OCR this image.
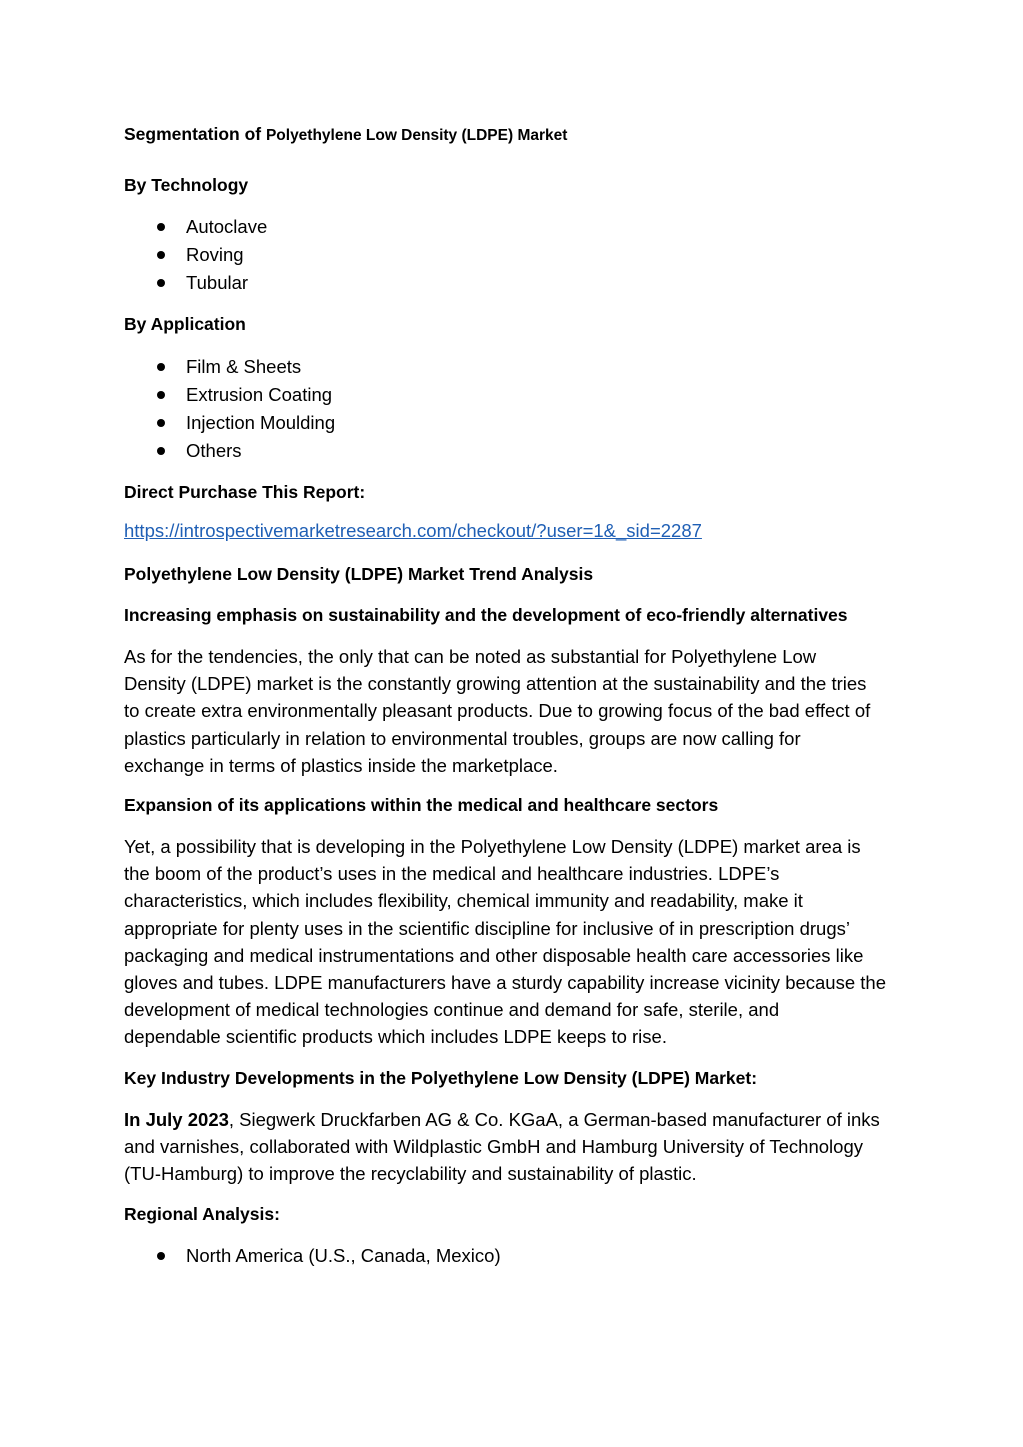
Segmentation of Polyethylene Low Density (LDPE) Market
By Technology
Autoclave
Roving
Tubular
By Application
Film & Sheets
Extrusion Coating
Injection Moulding
Others
Direct Purchase This Report:
https://introspectivemarketresearch.com/checkout/?user=1&_sid=2287
Polyethylene Low Density (LDPE) Market Trend Analysis
Increasing emphasis on sustainability and the development of eco-friendly alternatives
As for the tendencies, the only that can be noted as substantial for Polyethylene Low
Density (LDPE) market is the constantly growing attention at the sustainability and the tries
to create extra environmentally pleasant products. Due to growing focus of the bad effect of
plastics particularly in relation to environmental troubles, groups are now calling for
exchange in terms of plastics inside the marketplace.
Expansion of its applications within the medical and healthcare sectors
Yet, a possibility that is developing in the Polyethylene Low Density (LDPE) market area is
the boom of the product’s uses in the medical and healthcare industries. LDPE’s
characteristics, which includes flexibility, chemical immunity and readability, make it
appropriate for plenty uses in the scientific discipline for inclusive of in prescription drugs’
packaging and medical instrumentations and other disposable health care accessories like
gloves and tubes. LDPE manufacturers have a sturdy capability increase vicinity because the
development of medical technologies continue and demand for safe, sterile, and
dependable scientific products which includes LDPE keeps to rise.
Key Industry Developments in the Polyethylene Low Density (LDPE) Market:
In July 2023, Siegwerk Druckfarben AG & Co. KGaA, a German-based manufacturer of inks
and varnishes, collaborated with Wildplastic GmbH and Hamburg University of Technology
(TU-Hamburg) to improve the recyclability and sustainability of plastic.
Regional Analysis:
North America (U.S., Canada, Mexico)
